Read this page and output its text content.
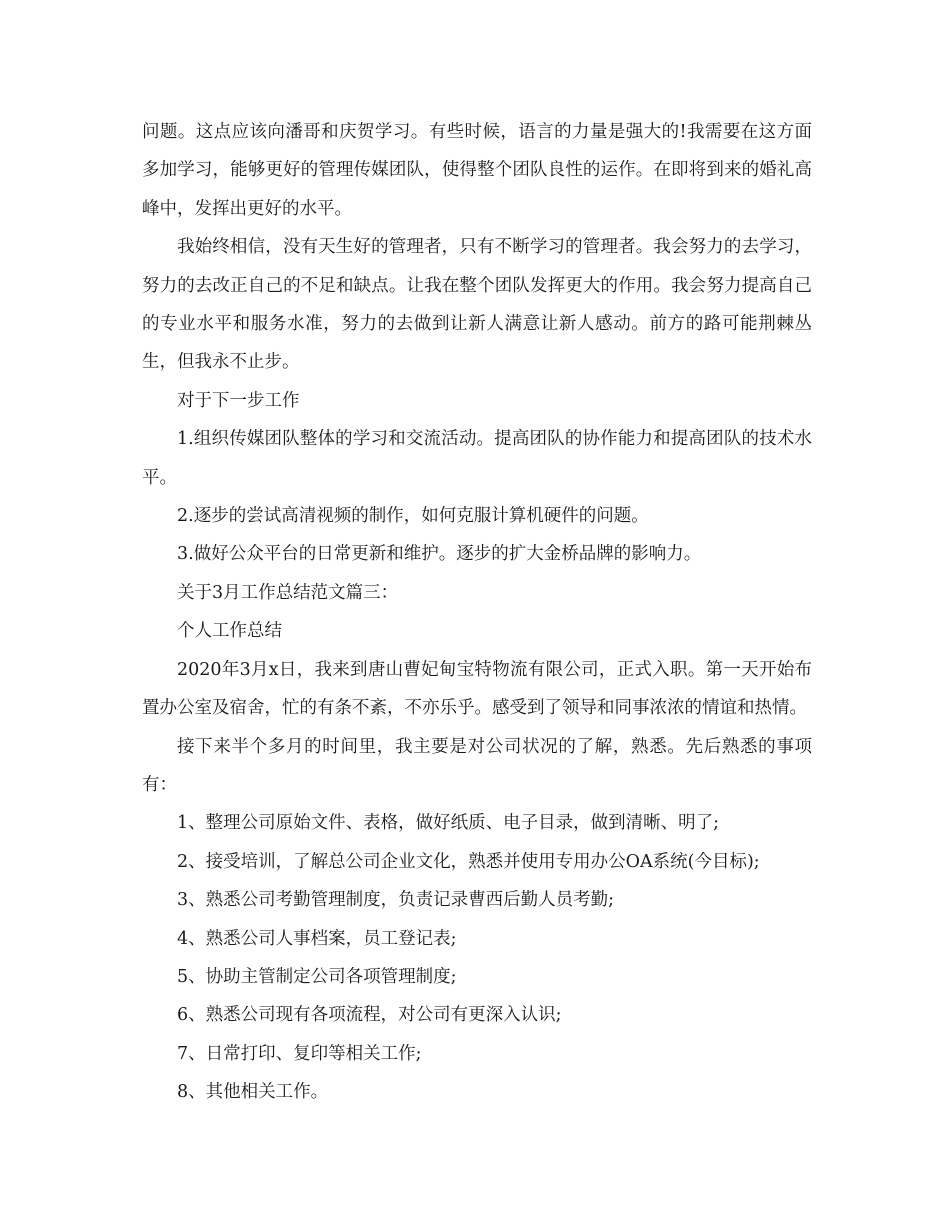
问题。这点应该向潘哥和庆贺学习。有些时候，语言的力量是强大的!我需要在这方面多加学习，能够更好的管理传媒团队，使得整个团队良性的运作。在即将到来的婚礼高峰中，发挥出更好的水平。

我始终相信，没有天生好的管理者，只有不断学习的管理者。我会努力的去学习，努力的去改正自己的不足和缺点。让我在整个团队发挥更大的作用。我会努力提高自己的专业水平和服务水准，努力的去做到让新人满意让新人感动。前方的路可能荆棘丛生，但我永不止步。

对于下一步工作

1.组织传媒团队整体的学习和交流活动。提高团队的协作能力和提高团队的技术水平。

2.逐步的尝试高清视频的制作，如何克服计算机硬件的问题。

3.做好公众平台的日常更新和维护。逐步的扩大金桥品牌的影响力。

关于3月工作总结范文篇三：

个人工作总结

2020年3月x日，我来到唐山曹妃甸宝特物流有限公司，正式入职。第一天开始布置办公室及宿舍，忙的有条不紊，不亦乐乎。感受到了领导和同事浓浓的情谊和热情。

接下来半个多月的时间里，我主要是对公司状况的了解，熟悉。先后熟悉的事项有：

1、整理公司原始文件、表格，做好纸质、电子目录，做到清晰、明了;

2、接受培训，了解总公司企业文化，熟悉并使用专用办公OA系统(今目标);

3、熟悉公司考勤管理制度，负责记录曹西后勤人员考勤;

4、熟悉公司人事档案，员工登记表;

5、协助主管制定公司各项管理制度;

6、熟悉公司现有各项流程，对公司有更深入认识;

7、日常打印、复印等相关工作;

8、其他相关工作。
